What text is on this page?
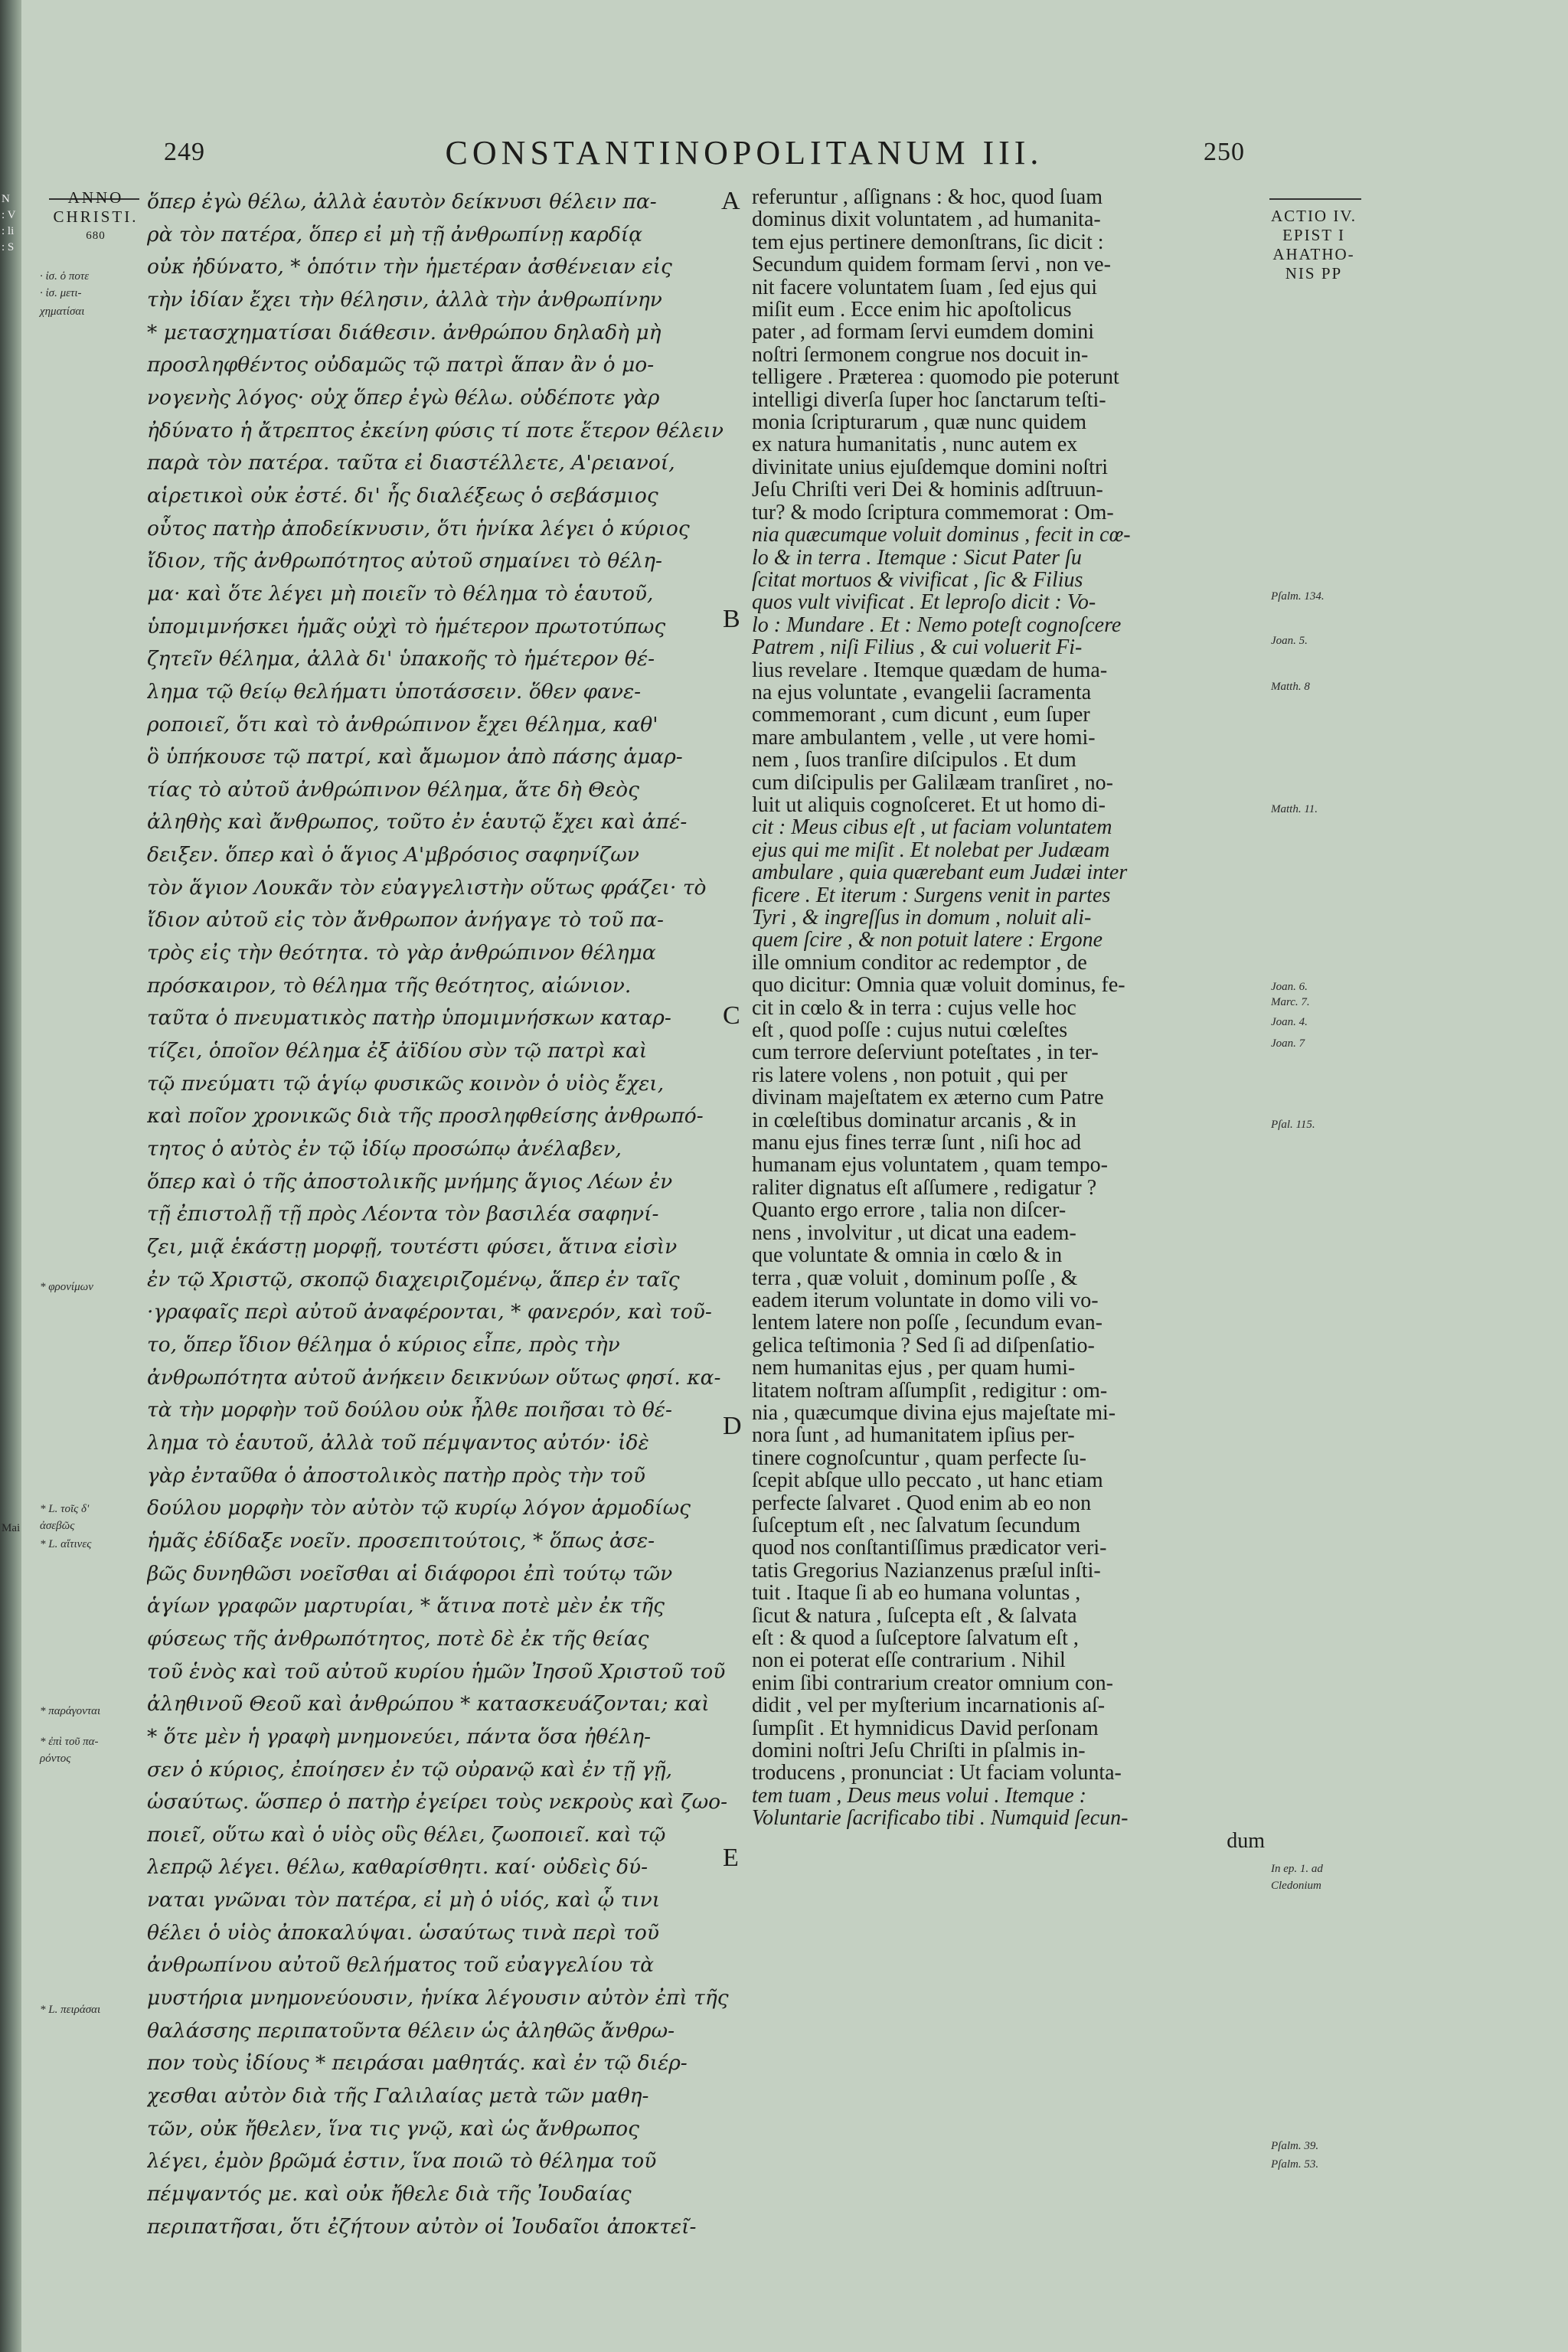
N
: V
: li
: S
Mai
249	CONSTANTINOPOLITANUM III.	250
ANNO
CHRISTI.
680
ACTIO IV.
EPIST I
AHATHO-
NIS PP
ὅπερ ἐγὼ θέλω, ἀλλὰ ἑαυτὸν δείκνυσι θέλειν πα-
ρὰ τὸν πατέρα, ὅπερ εἰ μὴ τῇ ἀνθρωπίνῃ καρδίᾳ
οὐκ ἠδύνατο, * ὁπότιν τὴν ἡμετέραν ἀσθένειαν εἰς
τὴν ἰδίαν ἔχει τὴν θέλησιν, ἀλλὰ τὴν ἀνθρωπίνην
* μετασχηματίσαι διάθεσιν. ἀνθρώπου δηλαδὴ μὴ
προσληφθέντος οὐδαμῶς τῷ πατρὶ ἅπαν ἂν ὁ μο-
νογενὴς λόγος· οὐχ ὅπερ ἐγὼ θέλω. οὐδέποτε γὰρ
ἠδύνατο ἡ ἄτρεπτος ἐκείνη φύσις τί ποτε ἕτερον θέλειν
παρὰ τὸν πατέρα. ταῦτα εἰ διαστέλλετε, Α'ρειανοί,
αἱρετικοὶ οὐκ ἐστέ. δι' ἧς διαλέξεως ὁ σεβάσμιος
οὗτος πατὴρ ἀποδείκνυσιν, ὅτι ἡνίκα λέγει ὁ κύριος
ἴδιον, τῆς ἀνθρωπότητος αὐτοῦ σημαίνει τὸ θέλη-
μα· καὶ ὅτε λέγει μὴ ποιεῖν τὸ θέλημα τὸ ἑαυτοῦ,
ὑπομιμνήσκει ἡμᾶς οὐχὶ τὸ ἡμέτερον πρωτοτύπως
ζητεῖν θέλημα, ἀλλὰ δι' ὑπακοῆς τὸ ἡμέτερον θέ-
λημα τῷ θείῳ θελήματι ὑποτάσσειν. ὅθεν φανε-
ροποιεῖ, ὅτι καὶ τὸ ἀνθρώπινον ἔχει θέλημα, καθ'
ὃ ὑπήκουσε τῷ πατρί, καὶ ἄμωμον ἀπὸ πάσης ἁμαρ-
τίας τὸ αὐτοῦ ἀνθρώπινον θέλημα, ἅτε δὴ Θεὸς
ἀληθὴς καὶ ἄνθρωπος, τοῦτο ἐν ἑαυτῷ ἔχει καὶ ἀπέ-
δειξεν. ὅπερ καὶ ὁ ἅγιος Α'μβρόσιος σαφηνίζων
τὸν ἅγιον Λουκᾶν τὸν εὐαγγελιστὴν οὕτως φράζει· τὸ
ἴδιον αὐτοῦ εἰς τὸν ἄνθρωπον ἀνήγαγε τὸ τοῦ πα-
τρὸς εἰς τὴν θεότητα. τὸ γὰρ ἀνθρώπινον θέλημα
πρόσκαιρον, τὸ θέλημα τῆς θεότητος, αἰώνιον.
ταῦτα ὁ πνευματικὸς πατὴρ ὑπομιμνήσκων καταρ-
τίζει, ὁποῖον θέλημα ἐξ ἀϊδίου σὺν τῷ πατρὶ καὶ
τῷ πνεύματι τῷ ἁγίῳ φυσικῶς κοινὸν ὁ υἱὸς ἔχει,
καὶ ποῖον χρονικῶς διὰ τῆς προσληφθείσης ἀνθρωπό-
τητος ὁ αὐτὸς ἐν τῷ ἰδίῳ προσώπῳ ἀνέλαβεν,
ὅπερ καὶ ὁ τῆς ἀποστολικῆς μνήμης ἅγιος Λέων ἐν
τῇ ἐπιστολῇ τῇ πρὸς Λέοντα τὸν βασιλέα σαφηνί-
ζει, μιᾷ ἑκάστῃ μορφῇ, τουτέστι φύσει, ἅτινα εἰσὶν
ἐν τῷ Χριστῷ, σκοπῷ διαχειριζομένῳ, ἅπερ ἐν ταῖς
·γραφαῖς περὶ αὐτοῦ ἀναφέρονται, * φανερόν, καὶ τοῦ-
το, ὅπερ ἴδιον θέλημα ὁ κύριος εἶπε, πρὸς τὴν
ἀνθρωπότητα αὐτοῦ ἀνήκειν δεικνύων οὕτως φησί. κα-
τὰ τὴν μορφὴν τοῦ δούλου οὐκ ἦλθε ποιῆσαι τὸ θέ-
λημα τὸ ἑαυτοῦ, ἀλλὰ τοῦ πέμψαντος αὐτόν· ἰδὲ
γὰρ ἐνταῦθα ὁ ἀποστολικὸς πατὴρ πρὸς τὴν τοῦ
δούλου μορφὴν τὸν αὐτὸν τῷ κυρίῳ λόγον ἁρμοδίως
ἡμᾶς ἐδίδαξε νοεῖν. προσεπιτούτοις, * ὅπως ἀσε-
βῶς δυνηθῶσι νοεῖσθαι αἱ διάφοροι ἐπὶ τούτῳ τῶν
ἁγίων γραφῶν μαρτυρίαι, * ἅτινα ποτὲ μὲν ἐκ τῆς
φύσεως τῆς ἀνθρωπότητος, ποτὲ δὲ ἐκ τῆς θείας
τοῦ ἑνὸς καὶ τοῦ αὐτοῦ κυρίου ἡμῶν Ἰησοῦ Χριστοῦ τοῦ
ἀληθινοῦ Θεοῦ καὶ ἀνθρώπου * κατασκευάζονται; καὶ
* ὅτε μὲν ἡ γραφὴ μνημονεύει, πάντα ὅσα ἠθέλη-
σεν ὁ κύριος, ἐποίησεν ἐν τῷ οὐρανῷ καὶ ἐν τῇ γῇ,
ὡσαύτως. ὥσπερ ὁ πατὴρ ἐγείρει τοὺς νεκροὺς καὶ ζωο-
ποιεῖ, οὕτω καὶ ὁ υἱὸς οὓς θέλει, ζωοποιεῖ. καὶ τῷ
λεπρῷ λέγει. θέλω, καθαρίσθητι. καί· οὐδεὶς δύ-
ναται γνῶναι τὸν πατέρα, εἰ μὴ ὁ υἱός, καὶ ᾧ τινι
θέλει ὁ υἱὸς ἀποκαλύψαι. ὡσαύτως τινὰ περὶ τοῦ
ἀνθρωπίνου αὐτοῦ θελήματος τοῦ εὐαγγελίου τὰ
μυστήρια μνημονεύουσιν, ἡνίκα λέγουσιν αὐτὸν ἐπὶ τῆς
θαλάσσης περιπατοῦντα θέλειν ὡς ἀληθῶς ἄνθρω-
πον τοὺς ἰδίους * πειράσαι μαθητάς. καὶ ἐν τῷ διέρ-
χεσθαι αὐτὸν διὰ τῆς Γαλιλαίας μετὰ τῶν μαθη-
τῶν, οὐκ ἤθελεν, ἵνα τις γνῷ, καὶ ὡς ἄνθρωπος
λέγει, ἐμὸν βρῶμά ἐστιν, ἵνα ποιῶ τὸ θέλημα τοῦ
πέμψαντός με. καὶ οὐκ ἤθελε διὰ τῆς Ἰουδαίας
περιπατῆσαι, ὅτι ἐζήτουν αὐτὸν οἱ Ἰουδαῖοι ἀποκτεῖ-
referuntur , aſſignans : & hoc, quod ſuam
dominus dixit voluntatem , ad humanita-
tem ejus pertinere demonſtrans, ſic dicit :
Secundum quidem formam ſervi , non ve-
nit facere voluntatem ſuam , ſed ejus qui
miſit eum . Ecce enim hic apoſtolicus
pater , ad formam ſervi eumdem domini
noſtri ſermonem congrue nos docuit in-
telligere . Præterea : quomodo pie poterunt
intelligi diverſa ſuper hoc ſanctarum teſti-
monia ſcripturarum , quæ nunc quidem
ex natura humanitatis , nunc autem ex
divinitate unius ejuſdemque domini noſtri
Jeſu Chriſti veri Dei & hominis adſtruun-
tur? & modo ſcriptura commemorat : Om-
nia quæcumque voluit dominus , fecit in cœ-
lo & in terra . Itemque : Sicut Pater ſu
ſcitat mortuos & vivificat , ſic & Filius
quos vult vivificat . Et leproſo dicit : Vo-
lo : Mundare . Et : Nemo poteſt cognoſcere
Patrem , niſi Filius , & cui voluerit Fi-
lius revelare . Itemque quædam de huma-
na ejus voluntate , evangelii ſacramenta
commemorant , cum dicunt , eum ſuper
mare ambulantem , velle , ut vere homi-
nem , ſuos tranſire diſcipulos . Et dum
cum diſcipulis per Galilæam tranſiret , no-
luit ut aliquis cognoſceret. Et ut homo di-
cit : Meus cibus eſt , ut faciam voluntatem
ejus qui me miſit . Et nolebat per Judæam
ambulare , quia quærebant eum Judæi inter
ficere . Et iterum : Surgens venit in partes
Tyri , & ingreſſus in domum , noluit ali-
quem ſcire , & non potuit latere : Ergone
ille omnium conditor ac redemptor , de
quo dicitur: Omnia quæ voluit dominus, fe-
cit in cœlo & in terra : cujus velle hoc
eſt , quod poſſe : cujus nutui cœleſtes
cum terrore deſerviunt poteſtates , in ter-
ris latere volens , non potuit , qui per
divinam majeſtatem ex æterno cum Patre
in cœleſtibus dominatur arcanis , & in
manu ejus fines terræ ſunt , niſi hoc ad
humanam ejus voluntatem , quam tempo-
raliter dignatus eſt aſſumere , redigatur ?
Quanto ergo errore , talia non diſcer-
nens , involvitur , ut dicat una eadem-
que voluntate & omnia in cœlo & in
terra , quæ voluit , dominum poſſe , &
eadem iterum voluntate in domo vili vo-
lentem latere non poſſe , ſecundum evan-
gelica teſtimonia ? Sed ſi ad diſpenſatio-
nem humanitas ejus , per quam humi-
litatem noſtram aſſumpſit , redigitur : om-
nia , quæcumque divina ejus majeſtate mi-
nora ſunt , ad humanitatem ipſius per-
tinere cognoſcuntur , quam perfecte ſu-
ſcepit abſque ullo peccato , ut hanc etiam
perfecte ſalvaret . Quod enim ab eo non
ſuſceptum eſt , nec ſalvatum ſecundum
quod nos conſtantiſſimus prædicator veri-
tatis Gregorius Nazianzenus præſul inſti-
tuit . Itaque ſi ab eo humana voluntas ,
ſicut & natura , ſuſcepta eſt , & ſalvata
eſt : & quod a ſuſceptore ſalvatum eſt ,
non ei poterat eſſe contrarium . Nihil
enim ſibi contrarium creator omnium con-
didit , vel per myſterium incarnationis aſ-
ſumpſit . Et hymnidicus David perſonam
domini noſtri Jeſu Chriſti in pſalmis in-
troducens , pronunciat : Ut faciam volunta-
tem tuam , Deus meus volui . Itemque :
Voluntarie ſacrificabo tibi . Numquid ſecun-
dum
A
B
C
D
E
· ἰσ. ὁ ποτε
· ἰσ. μετι-
χηματίσαι
* φρονίμων
* L. τοῖς δ'
ἀσεβῶς
* L. αἵτινες
* παράγονται
* ἐπὶ τοῦ πα-
ρόντος
* L. πειράσαι
Pſalm. 134.
Joan. 5.
Matth. 8
Matth. 11.
Joan. 6.
Marc. 7.
Joan. 4.
Joan. 7
Pſal. 115.
In ep. 1. ad
Cledonium
Pſalm. 39.
Pſalm. 53.
